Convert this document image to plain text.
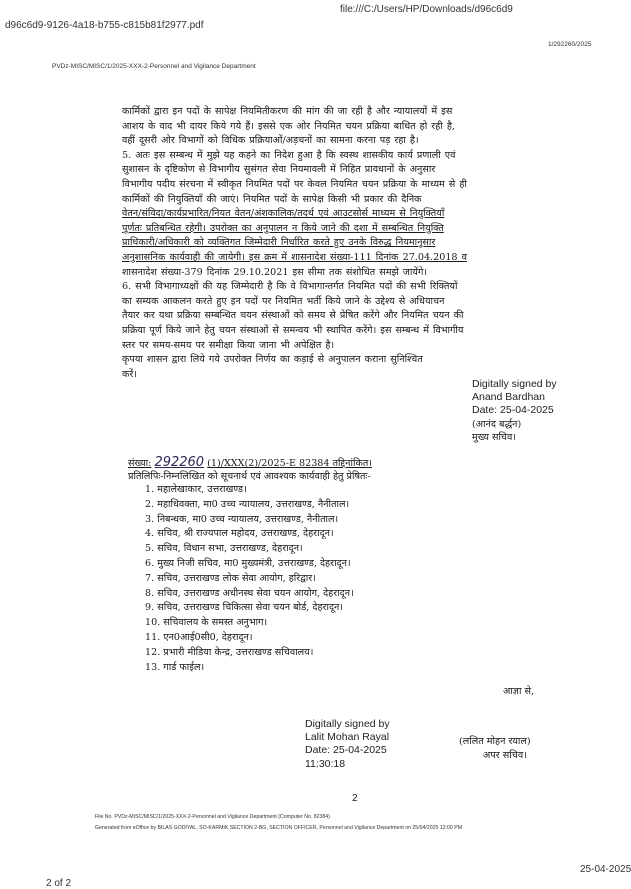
file:///C:/Users/HP/Downloads/d96c6d9
d96c6d9-9126-4a18-b755-c815b81f2977.pdf
PVDz-MISC/MISC/1/2025-XXX-2-Personnel and Vigilance Department
1/292260/2025
कार्मिकों द्वारा इन पदों के सापेक्ष नियमितीकरण की मांग की जा रही है और न्यायालयों में इस
आशय के वाद भी दायर किये गये हैं। इससे एक ओर नियमित चयन प्रक्रिया बाधित हो रही है,
वहीं दूसरी ओर विभागों को विधिक प्रक्रियाओं/अड़चनों का सामना करना पड़ रहा है।
5. अतः इस सम्बन्ध में मुझे यह कहने का निदेश हुआ है कि स्वस्थ शासकीय कार्य प्रणाली एवं
सुशासन के दृष्टिकोण से विभागीय सुसंगत सेवा नियमावली में निहित प्रावधानों के अनुसार
विभागीय पदीय संरचना में स्वीकृत नियमित पदों पर केवल नियमित चयन प्रक्रिया के माध्यम से ही
कार्मिकों की नियुक्तियाँ की जाएं। नियमित पदों के सापेक्ष किसी भी प्रकार की दैनिक
वेतन/संविदा/कार्यप्रभारित/नियत वेतन/अंशकालिक/तदर्थ एवं आउटसोर्स माध्यम से नियुक्तियाँ
पूर्णतः प्रतिबन्धित रहेगी। उपरोक्त का अनुपालन न किये जाने की दशा में सम्बन्धित नियुक्ति
प्राधिकारी/अधिकारी को व्यक्तिगत जिम्मेदारी निर्धारित करते हुए उनके विरुद्ध नियमानुसार
अनुशासनिक कार्यवाही की जायेगी। इस क्रम में शासनादेश संख्या-111 दिनांक 27.04.2018 व
शासनादेश संख्या-379 दिनांक 29.10.2021 इस सीमा तक संशोधित समझे जायेंगे।
6. सभी विभागाध्यक्षों की यह जिम्मेदारी है कि वे विभागान्तर्गत नियमित पदों की सभी रिक्तियों
का सम्यक आकलन करते हुए इन पदों पर नियमित भर्ती किये जाने के उद्देश्य से अधियाचन
तैयार कर यथा प्रक्रिया सम्बन्धित चयन संस्थाओं को समय से प्रेषित करेंगे और नियमित चयन की
प्रक्रिया पूर्ण किये जाने हेतु चयन संस्थाओं से समन्वय भी स्थापित करेंगे। इस सम्बन्ध में विभागीय
स्तर पर समय-समय पर समीक्षा किया जाना भी अपेक्षित है।
कृपया शासन द्वारा लिये गये उपरोक्त निर्णय का कड़ाई से अनुपालन कराना सुनिश्चित
करें।
Digitally signed by
Anand Bardhan
Date: 25-04-2025
(आनंद बर्द्धन)
मुख्य सचिव।
संख्या: 292260 (1)/XXX(2)/2025-E 82384 तद्दिनांकित।
प्रतिलिपिः-निम्नलिखित को सूचनार्थ एवं आवश्यक कार्यवाही हेतु प्रेषितः-
1. महालेखाकार, उत्तराखण्ड।
2. महाधिवक्ता, मा0 उच्च न्यायालय, उत्तराखण्ड, नैनीताल।
3. निबन्धक, मा0 उच्च न्यायालय, उत्तराखण्ड, नैनीताल।
4. सचिव, श्री राज्यपाल महोदय, उत्तराखण्ड, देहरादून।
5. सचिव, विधान सभा, उत्तराखण्ड, देहरादून।
6. मुख्य निजी सचिव, मा0 मुख्यमंत्री, उत्तराखण्ड, देहरादून।
7. सचिव, उत्तराखण्ड लोक सेवा आयोग, हरिद्वार।
8. सचिव, उत्तराखण्ड अधीनस्थ सेवा चयन आयोग, देहरादून।
9. सचिव, उत्तराखण्ड चिकित्सा सेवा चयन बोर्ड, देहरादून।
10. सचिवालय के समस्त अनुभाग।
11. एन0आई0सी0, देहरादून।
12. प्रभारी मीडिया केन्द्र, उत्तराखण्ड सचिवालय।
13. गार्ड फाईल।
आज्ञा से,
Digitally signed by
Lalit Mohan Rayal
Date: 25-04-2025
11:30:18
(ललित मोहन रयाल)
अपर सचिव।
2
File No. PVDz-MISC/MISC/1/2025-XXX-2-Personnel and Vigilance Department (Computer No. 82384)
Generated from eOffice by BILAS GODIYAL, SO-KARMIK SECTION 2-BG, SECTION OFFICER, Personnel and Vigilance Department on 25/04/2025 12:00 PM
25-04-2025
2 of 2
